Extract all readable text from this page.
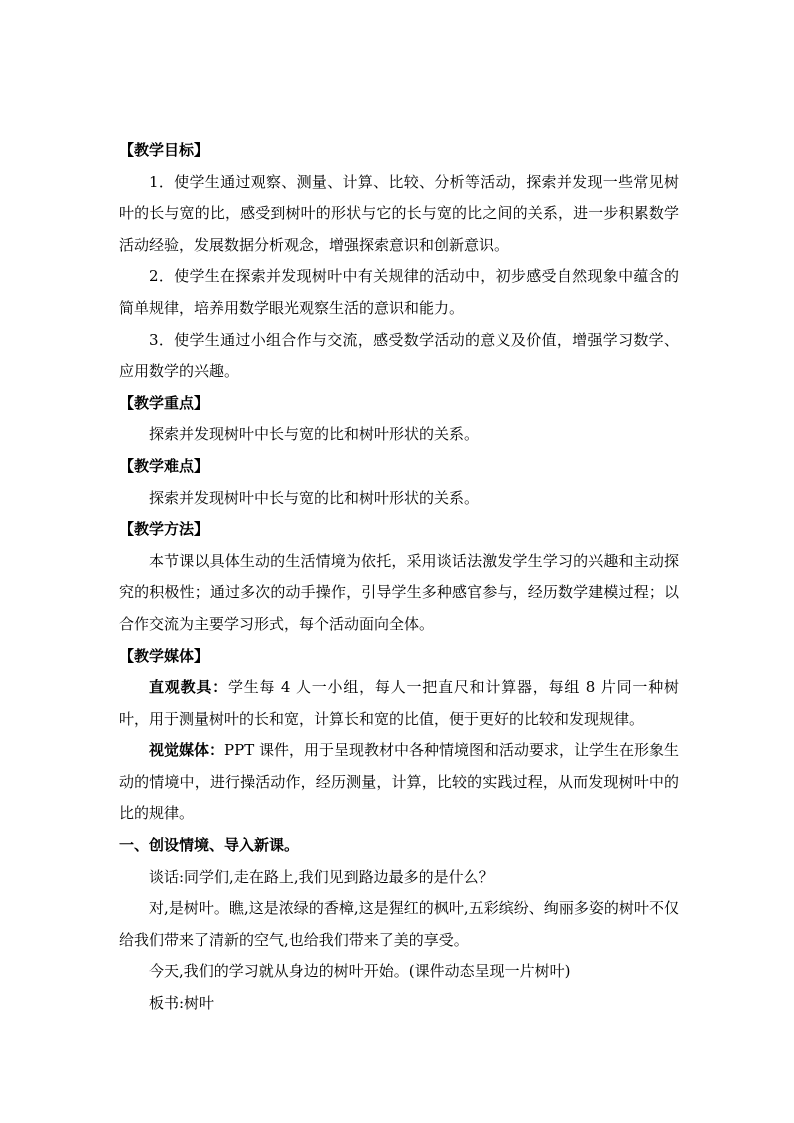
【教学目标】

1．使学生通过观察、测量、计算、比较、分析等活动，探索并发现一些常见树叶的长与宽的比，感受到树叶的形状与它的长与宽的比之间的关系，进一步积累数学活动经验，发展数据分析观念，增强探索意识和创新意识。

2．使学生在探索并发现树叶中有关规律的活动中，初步感受自然现象中蕴含的简单规律，培养用数学眼光观察生活的意识和能力。

3．使学生通过小组合作与交流，感受数学活动的意义及价值，增强学习数学、应用数学的兴趣。

【教学重点】

探索并发现树叶中长与宽的比和树叶形状的关系。

【教学难点】

探索并发现树叶中长与宽的比和树叶形状的关系。

【教学方法】

本节课以具体生动的生活情境为依托，采用谈话法激发学生学习的兴趣和主动探究的积极性；通过多次的动手操作，引导学生多种感官参与，经历数学建模过程；以合作交流为主要学习形式，每个活动面向全体。

【教学媒体】

直观教具：学生每 4 人一小组，每人一把直尺和计算器，每组 8 片同一种树叶，用于测量树叶的长和宽，计算长和宽的比值，便于更好的比较和发现规律。

视觉媒体：PPT 课件，用于呈现教材中各种情境图和活动要求，让学生在形象生动的情境中，进行操活动作，经历测量，计算，比较的实践过程，从而发现树叶中的比的规律。

一、创设情境、导入新课。

谈话:同学们,走在路上,我们见到路边最多的是什么？

对,是树叶。瞧,这是浓绿的香樟,这是猩红的枫叶,五彩缤纷、绚丽多姿的树叶不仅给我们带来了清新的空气,也给我们带来了美的享受。

今天,我们的学习就从身边的树叶开始。(课件动态呈现一片树叶)

板书:树叶
